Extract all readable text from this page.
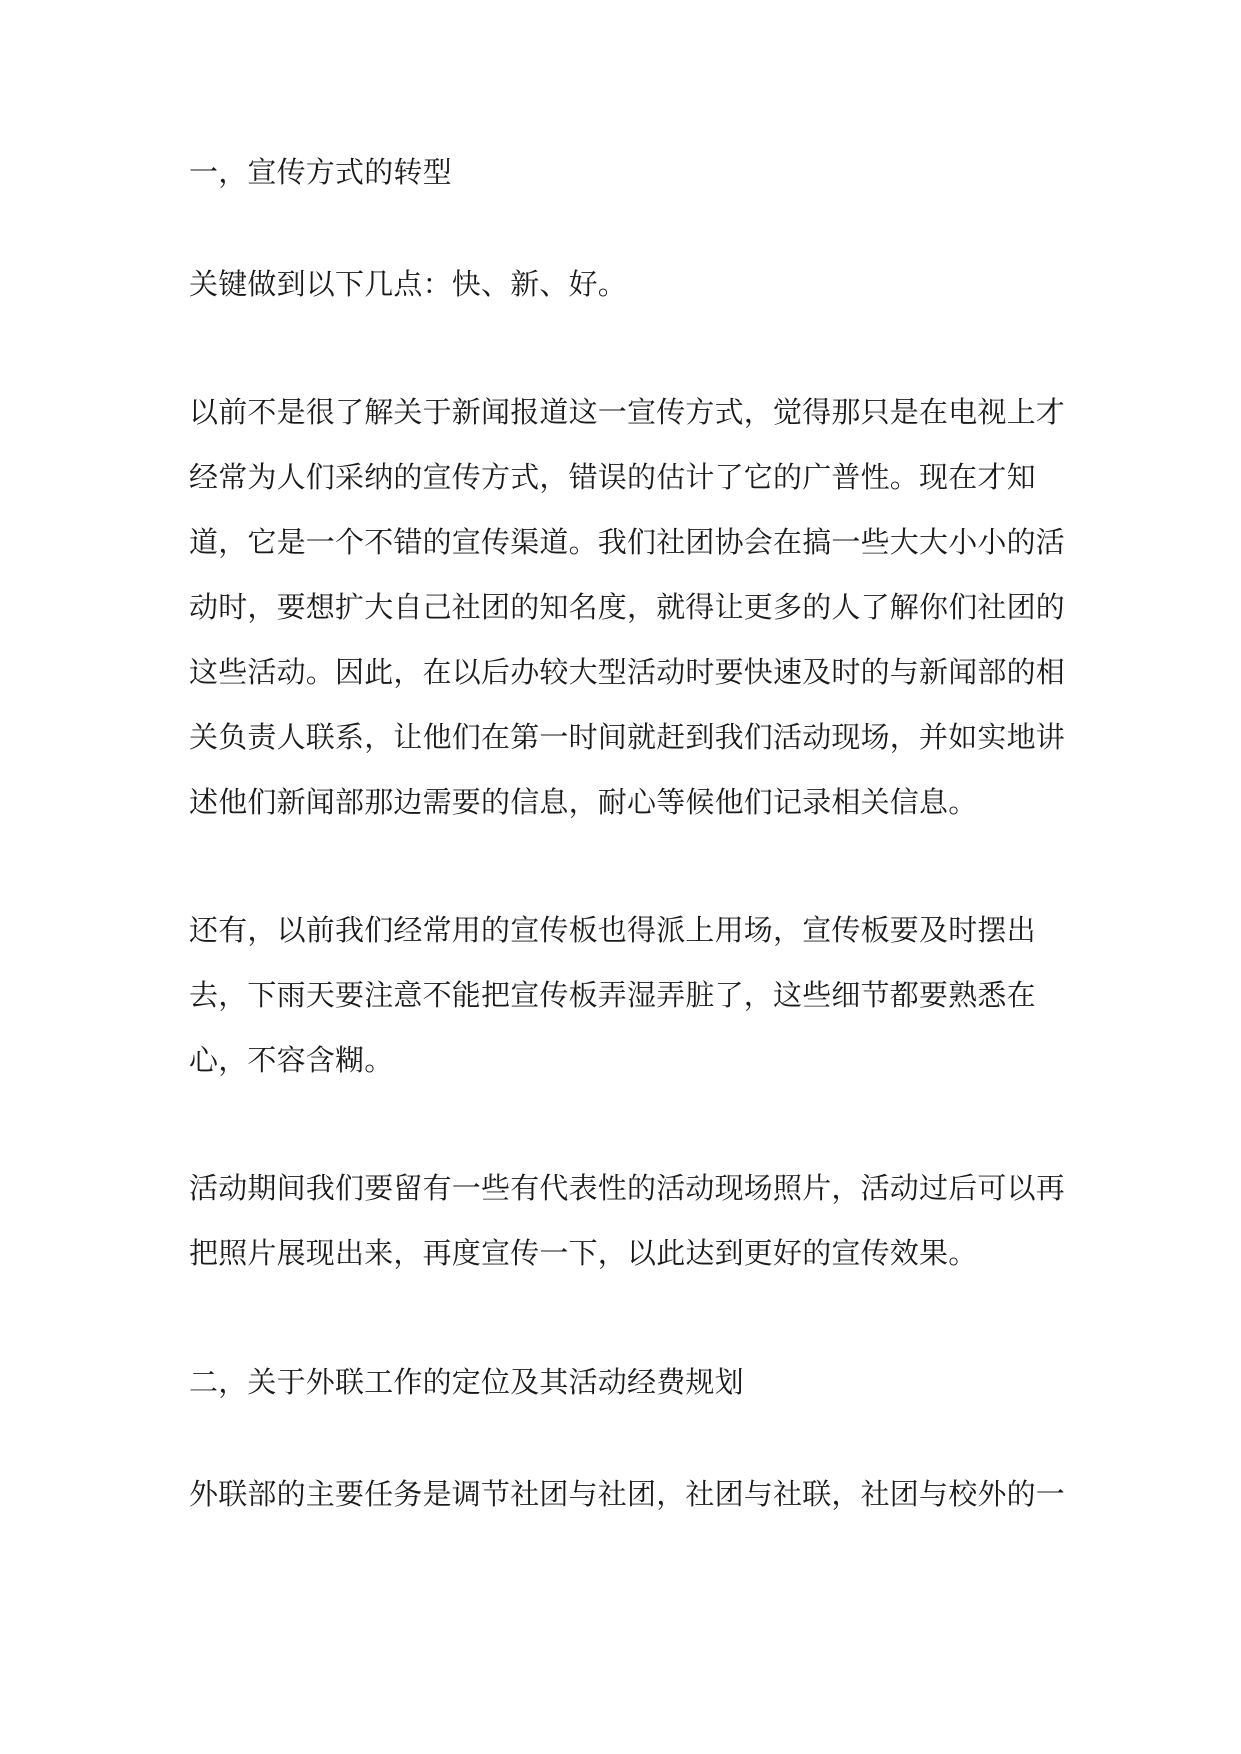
一，宣传方式的转型

关键做到以下几点：快、新、好。

以前不是很了解关于新闻报道这一宣传方式，觉得那只是在电视上才经常为人们采纳的宣传方式，错误的估计了它的广普性。现在才知道，它是一个不错的宣传渠道。我们社团协会在搞一些大大小小的活动时，要想扩大自己社团的知名度，就得让更多的人了解你们社团的这些活动。因此，在以后办较大型活动时要快速及时的与新闻部的相关负责人联系，让他们在第一时间就赶到我们活动现场，并如实地讲述他们新闻部那边需要的信息，耐心等候他们记录相关信息。

还有，以前我们经常用的宣传板也得派上用场，宣传板要及时摆出去，下雨天要注意不能把宣传板弄湿弄脏了，这些细节都要熟悉在心，不容含糊。

活动期间我们要留有一些有代表性的活动现场照片，活动过后可以再把照片展现出来，再度宣传一下，以此达到更好的宣传效果。

二，关于外联工作的定位及其活动经费规划

外联部的主要任务是调节社团与社团，社团与社联，社团与校外的一
